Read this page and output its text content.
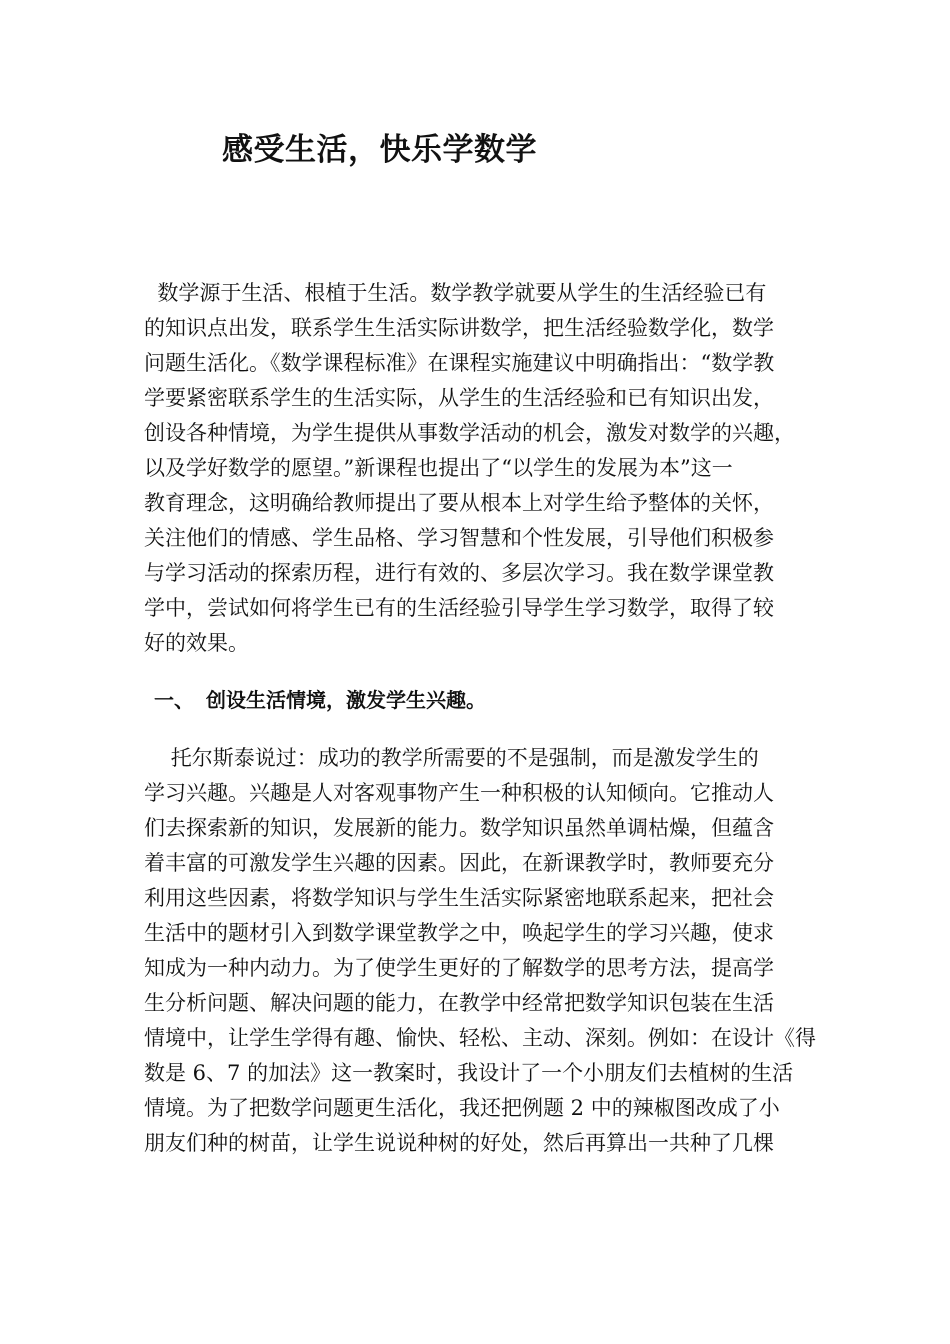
感受生活，快乐学数学
数学源于生活、根植于生活。数学教学就要从学生的生活经验已有
的知识点出发，联系学生生活实际讲数学，把生活经验数学化，数学
问题生活化。《数学课程标准》在课程实施建议中明确指出：“数学教
学要紧密联系学生的生活实际，从学生的生活经验和已有知识出发，
创设各种情境，为学生提供从事数学活动的机会，激发对数学的兴趣，
以及学好数学的愿望。”新课程也提出了“以学生的发展为本”这一
教育理念，这明确给教师提出了要从根本上对学生给予整体的关怀，
关注他们的情感、学生品格、学习智慧和个性发展，引导他们积极参
与学习活动的探索历程，进行有效的、多层次学习。我在数学课堂教
学中，尝试如何将学生已有的生活经验引导学生学习数学，取得了较
好的效果。
一、 创设生活情境，激发学生兴趣。
托尔斯泰说过：成功的教学所需要的不是强制，而是激发学生的
学习兴趣。兴趣是人对客观事物产生一种积极的认知倾向。它推动人
们去探索新的知识，发展新的能力。数学知识虽然单调枯燥，但蕴含
着丰富的可激发学生兴趣的因素。因此，在新课教学时，教师要充分
利用这些因素，将数学知识与学生生活实际紧密地联系起来，把社会
生活中的题材引入到数学课堂教学之中，唤起学生的学习兴趣，使求
知成为一种内动力。为了使学生更好的了解数学的思考方法，提高学
生分析问题、解决问题的能力，在教学中经常把数学知识包装在生活
情境中，让学生学得有趣、愉快、轻松、主动、深刻。例如：在设计《得
数是 6、7 的加法》这一教案时，我设计了一个小朋友们去植树的生活
情境。为了把数学问题更生活化，我还把例题 2 中的辣椒图改成了小
朋友们种的树苗，让学生说说种树的好处，然后再算出一共种了几棵
